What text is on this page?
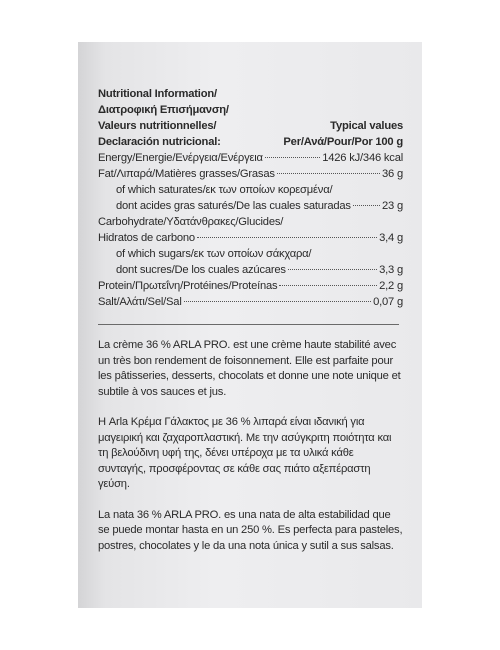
Nutritional Information/
Διατροφική Επισήμανση/
Valeurs nutritionnelles/	Typical values
Declaración nutricional:	Per/Ανά/Pour/Por 100 g
Energy/Energie/Ενέργεια/Ενέργεια	1426 kJ/346 kcal
Fat/Λιπαρά/Matières grasses/Grasas	36 g
of which saturates/εκ των οποίων κορεσμένα/
dont acides gras saturés/De las cuales saturadas	23 g
Carbohydrate/Υδατάνθρακες/Glucides/
Hidratos de carbono	3,4 g
of which sugars/εκ των οποίων σάκχαρα/
dont sucres/De los cuales azúcares	3,3 g
Protein/Πρωτεΐνη/Protéines/Proteínas	2,2 g
Salt/Αλάτι/Sel/Sal	0,07 g

La crème 36 % ARLA PRO. est une crème haute stabilité avec un très bon rendement de foisonnement. Elle est parfaite pour les pâtisseries, desserts, chocolats et donne une note unique et subtile à vos sauces et jus.

Η Arla Κρέμα Γάλακτος με 36 % λιπαρά είναι ιδανική για μαγειρική και ζαχαροπλαστική. Με την ασύγκριτη ποιότητα και τη βελούδινη υφή της, δένει υπέροχα με τα υλικά κάθε συνταγής, προσφέροντας σε κάθε σας πιάτο αξεπέραστη γεύση.

La nata 36 % ARLA PRO. es una nata de alta estabilidad que se puede montar hasta en un 250 %. Es perfecta para pasteles, postres, chocolates y le da una nota única y sutil a sus salsas.
